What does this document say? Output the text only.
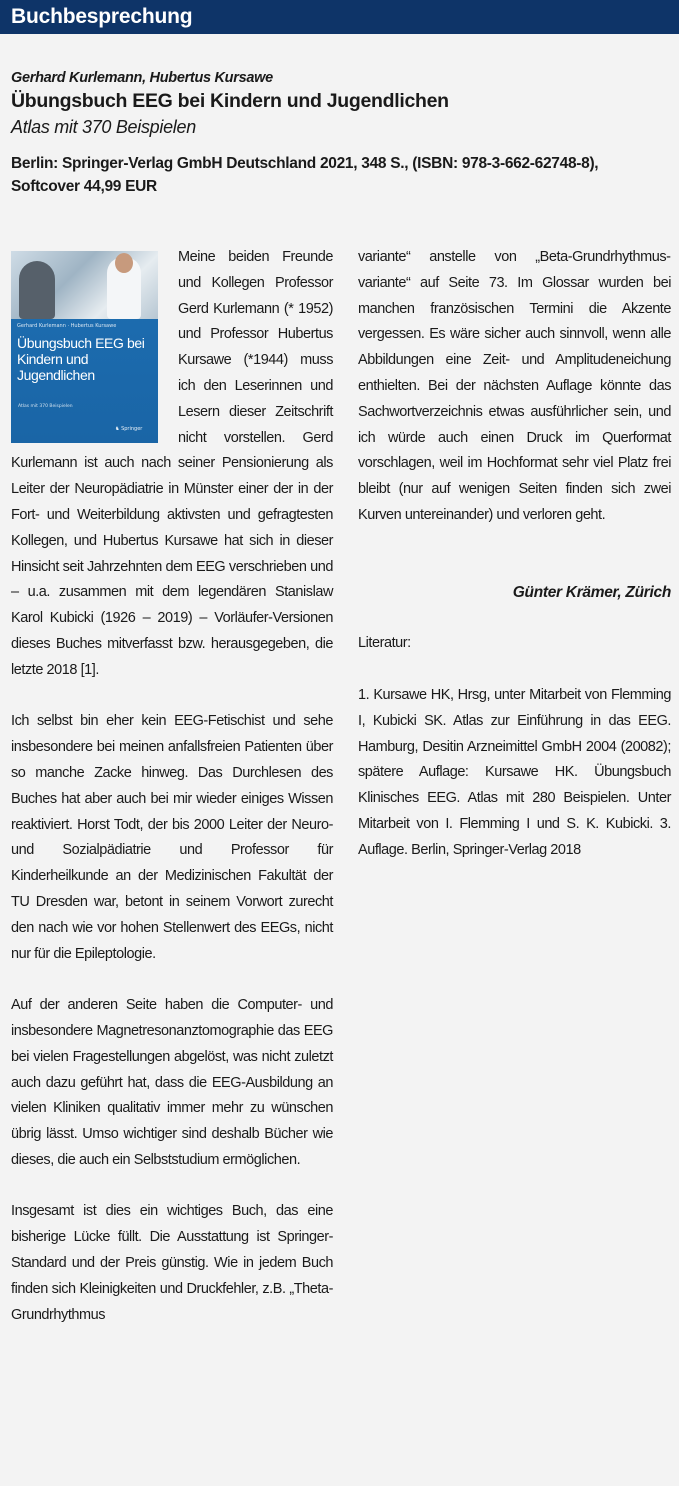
Buchbesprechung
Gerhard Kurlemann, Hubertus Kursawe
Übungsbuch EEG bei Kindern und Jugendlichen
Atlas mit 370 Beispielen
Berlin: Springer-Verlag GmbH Deutschland 2021, 348 S., (ISBN: 978-3-662-62748-8), Softcover 44,99 EUR
Gerhard Kurlemann · Hubertus Kursawe
Übungsbuch EEG bei Kindern und Jugendlichen
Atlas mit 370 Beispielen
♞ Springer

Meine beiden Freunde und Kollegen Professor Gerd Kurlemann (* 1952) und Professor Hubertus Kursawe (*1944) muss ich den Leserinnen und Lesern dieser Zeitschrift nicht vorstellen. Gerd Kurlemann ist auch nach seiner Pensionierung als Leiter der Neuropädiatrie in Münster einer der in der Fort- und Weiterbildung aktivsten und gefragtesten Kollegen, und Hubertus Kursawe hat sich in dieser Hinsicht seit Jahrzehnten dem EEG verschrieben und – u.a. zusammen mit dem legendären Stanislaw Karol Kubicki (1926 – 2019) – Vorläufer-Versionen dieses Buches mitverfasst bzw. herausgegeben, die letzte 2018 [1].

Ich selbst bin eher kein EEG-Fetischist und sehe insbesondere bei meinen anfallsfreien Patienten über so manche Zacke hinweg. Das Durchlesen des Buches hat aber auch bei mir wieder einiges Wissen reaktiviert. Horst Todt, der bis 2000 Leiter der Neuro- und Sozialpädiatrie und Professor für Kinderheilkunde an der Medizinischen Fakultät der TU Dresden war, betont in seinem Vorwort zurecht den nach wie vor hohen Stellenwert des EEGs, nicht nur für die Epileptologie.

Auf der anderen Seite haben die Computer- und insbesondere Magnetresonanztomographie das EEG bei vielen Fragestellungen abgelöst, was nicht zuletzt auch dazu geführt hat, dass die EEG-Ausbildung an vielen Kliniken qualitativ immer mehr zu wünschen übrig lässt. Umso wichtiger sind deshalb Bücher wie dieses, die auch ein Selbststudium ermöglichen.

Insgesamt ist dies ein wichtiges Buch, das eine bisherige Lücke füllt. Die Ausstattung ist Springer-Standard und der Preis günstig. Wie in jedem Buch finden sich Kleinigkeiten und Druckfehler, z.B. „Theta-Grundrhythmus

variante“ anstelle von „Beta-Grundrhythmusvariante“ auf Seite 73. Im Glossar wurden bei manchen französischen Termini die Akzente vergessen. Es wäre sicher auch sinnvoll, wenn alle Abbildungen eine Zeit- und Amplitudeneichung enthielten. Bei der nächsten Auflage könnte das Sachwortverzeichnis etwas ausführlicher sein, und ich würde auch einen Druck im Querformat vorschlagen, weil im Hochformat sehr viel Platz frei bleibt (nur auf wenigen Seiten finden sich zwei Kurven untereinander) und verloren geht.

Günter Krämer, Zürich

Literatur:

1. Kursawe HK, Hrsg, unter Mitarbeit von Flemming I, Kubicki SK. Atlas zur Einführung in das EEG. Hamburg, Desitin Arzneimittel GmbH 2004 (20082); spätere Auflage: Kursawe HK. Übungsbuch Klinisches EEG. Atlas mit 280 Beispielen. Unter Mitarbeit von I. Flemming I und S. K. Kubicki. 3. Auflage. Berlin, Springer-Verlag 2018
